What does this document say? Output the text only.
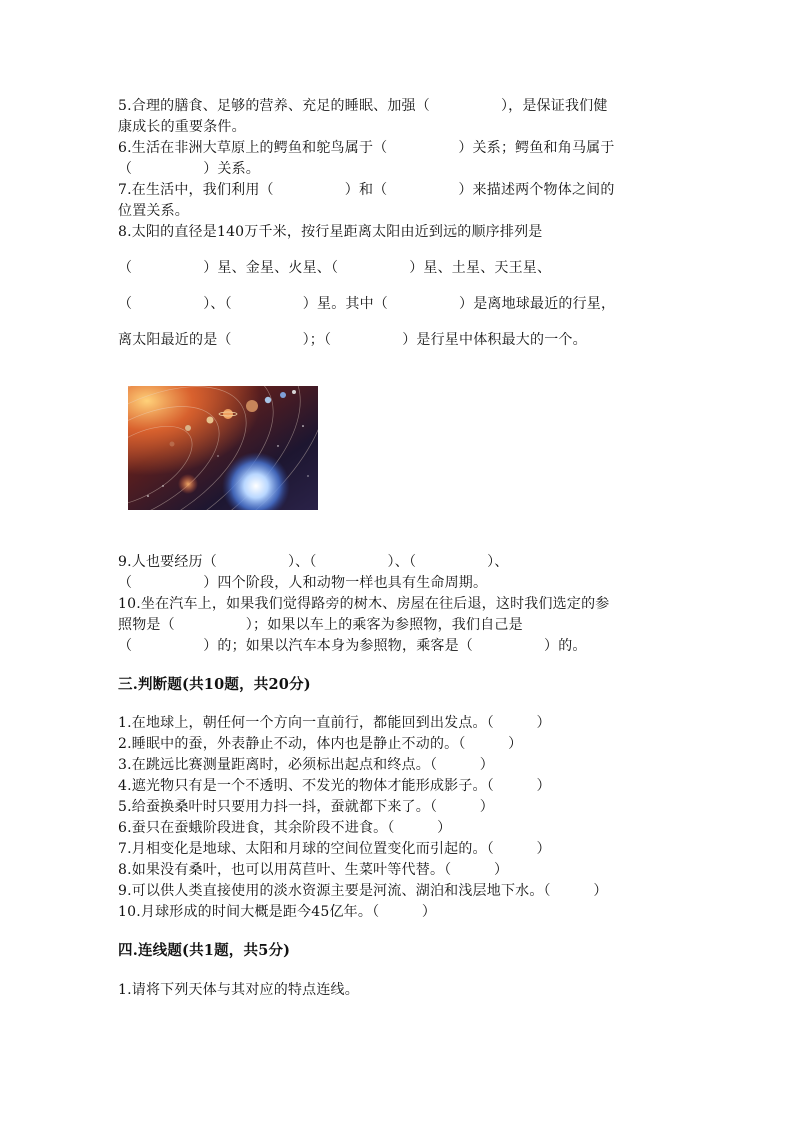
5.合理的膳食、足够的营养、充足的睡眠、加强（　　　　　），是保证我们健
康成长的重要条件。
6.生活在非洲大草原上的鳄鱼和鸵鸟属于（　　　　　）关系；鳄鱼和角马属于
（　　　　　）关系。
7.在生活中，我们利用（　　　　　）和（　　　　　）来描述两个物体之间的
位置关系。
8.太阳的直径是140万千米，按行星距离太阳由近到远的顺序排列是
（　　　　　）星、金星、火星、（　　　　　）星、土星、天王星、
（　　　　　）、（　　　　　）星。其中（　　　　　）是离地球最近的行星，
离太阳最近的是（　　　　　）；（　　　　　）是行星中体积最大的一个。
9.人也要经历（　　　　　）、（　　　　　）、（　　　　　）、
（　　　　　）四个阶段，人和动物一样也具有生命周期。
10.坐在汽车上，如果我们觉得路旁的树木、房屋在往后退，这时我们选定的参
照物是（　　　　　）；如果以车上的乘客为参照物，我们自己是
（　　　　　）的；如果以汽车本身为参照物，乘客是（　　　　　）的。
三.判断题(共10题，共20分)
1.在地球上，朝任何一个方向一直前行，都能回到出发点。（　　　）
2.睡眠中的蚕，外表静止不动，体内也是静止不动的。（　　　）
3.在跳远比赛测量距离时，必须标出起点和终点。（　　　）
4.遮光物只有是一个不透明、不发光的物体才能形成影子。（　　　）
5.给蚕换桑叶时只要用力抖一抖，蚕就都下来了。（　　　）
6.蚕只在蚕蛾阶段进食，其余阶段不进食。（　　　）
7.月相变化是地球、太阳和月球的空间位置变化而引起的。（　　　）
8.如果没有桑叶，也可以用莴苣叶、生菜叶等代替。（　　　）
9.可以供人类直接使用的淡水资源主要是河流、湖泊和浅层地下水。（　　　）
10.月球形成的时间大概是距今45亿年。（　　　）
四.连线题(共1题，共5分)
1.请将下列天体与其对应的特点连线。
